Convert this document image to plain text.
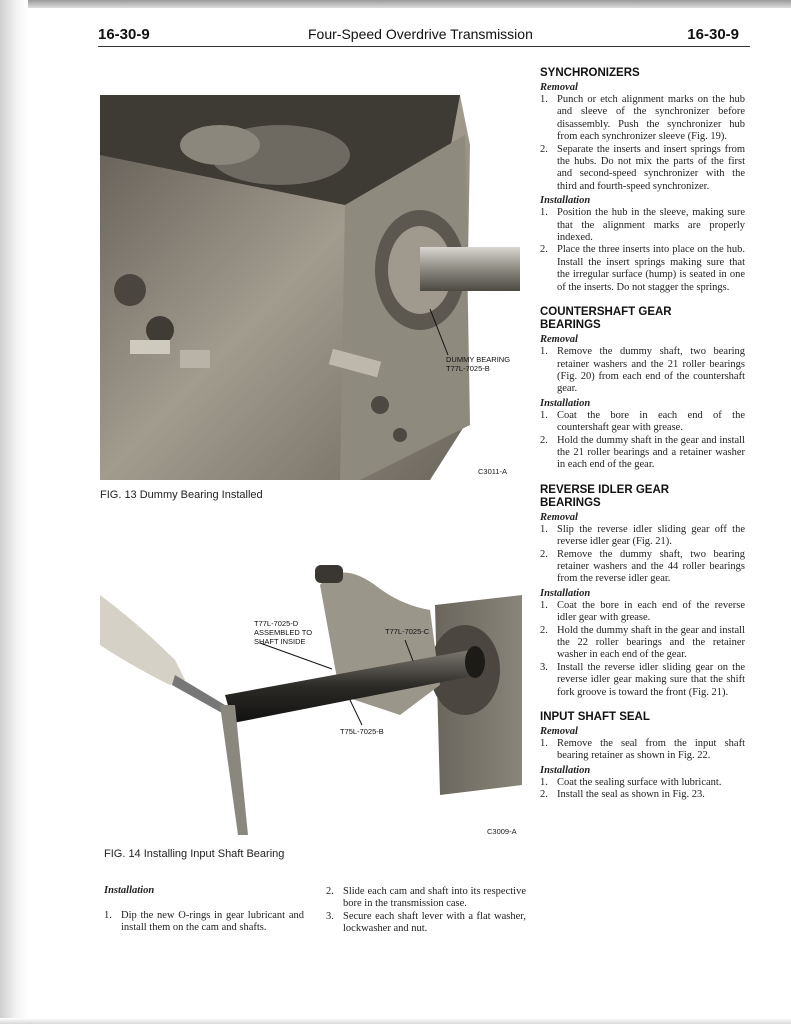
16-30-9	Four-Speed Overdrive Transmission	16-30-9
DUMMY BEARING
T77L-7025-B
C3011-A
FIG. 13 Dummy Bearing Installed
T77L-7025-D
ASSEMBLED TO
SHAFT INSIDE
T77L-7025-C
T75L-7025-B
C3009-A
FIG. 14 Installing Input Shaft Bearing
SYNCHRONIZERS
Removal
1. Punch or etch alignment marks on the hub and sleeve of the synchronizer before disassembly. Push the synchronizer hub from each synchronizer sleeve (Fig. 19).
2. Separate the inserts and insert springs from the hubs. Do not mix the parts of the first and second-speed synchronizer with the third and fourth-speed synchronizer.
Installation
1. Position the hub in the sleeve, making sure that the alignment marks are properly indexed.
2. Place the three inserts into place on the hub. Install the insert springs making sure that the irregular surface (hump) is seated in one of the inserts. Do not stagger the springs.
COUNTERSHAFT GEAR
BEARINGS
Removal
1. Remove the dummy shaft, two bearing retainer washers and the 21 roller bearings (Fig. 20) from each end of the countershaft gear.
Installation
1. Coat the bore in each end of the countershaft gear with grease.
2. Hold the dummy shaft in the gear and install the 21 roller bearings and a retainer washer in each end of the gear.
REVERSE IDLER GEAR
BEARINGS
Removal
1. Slip the reverse idler sliding gear off the reverse idler gear (Fig. 21).
2. Remove the dummy shaft, two bearing retainer washers and the 44 roller bearings from the reverse idler gear.
Installation
1. Coat the bore in each end of the reverse idler gear with grease.
2. Hold the dummy shaft in the gear and install the 22 roller bearings and the retainer washer in each end of the gear.
3. Install the reverse idler sliding gear on the reverse idler gear making sure that the shift fork groove is toward the front (Fig. 21).
INPUT SHAFT SEAL
Removal
1. Remove the seal from the input shaft bearing retainer as shown in Fig. 22.
Installation
1. Coat the sealing surface with lubricant.
2. Install the seal as shown in Fig. 23.
Installation
1. Dip the new O-rings in gear lubricant and install them on the cam and shafts.
2. Slide each cam and shaft into its respective bore in the transmission case.
3. Secure each shaft lever with a flat washer, lockwasher and nut.
